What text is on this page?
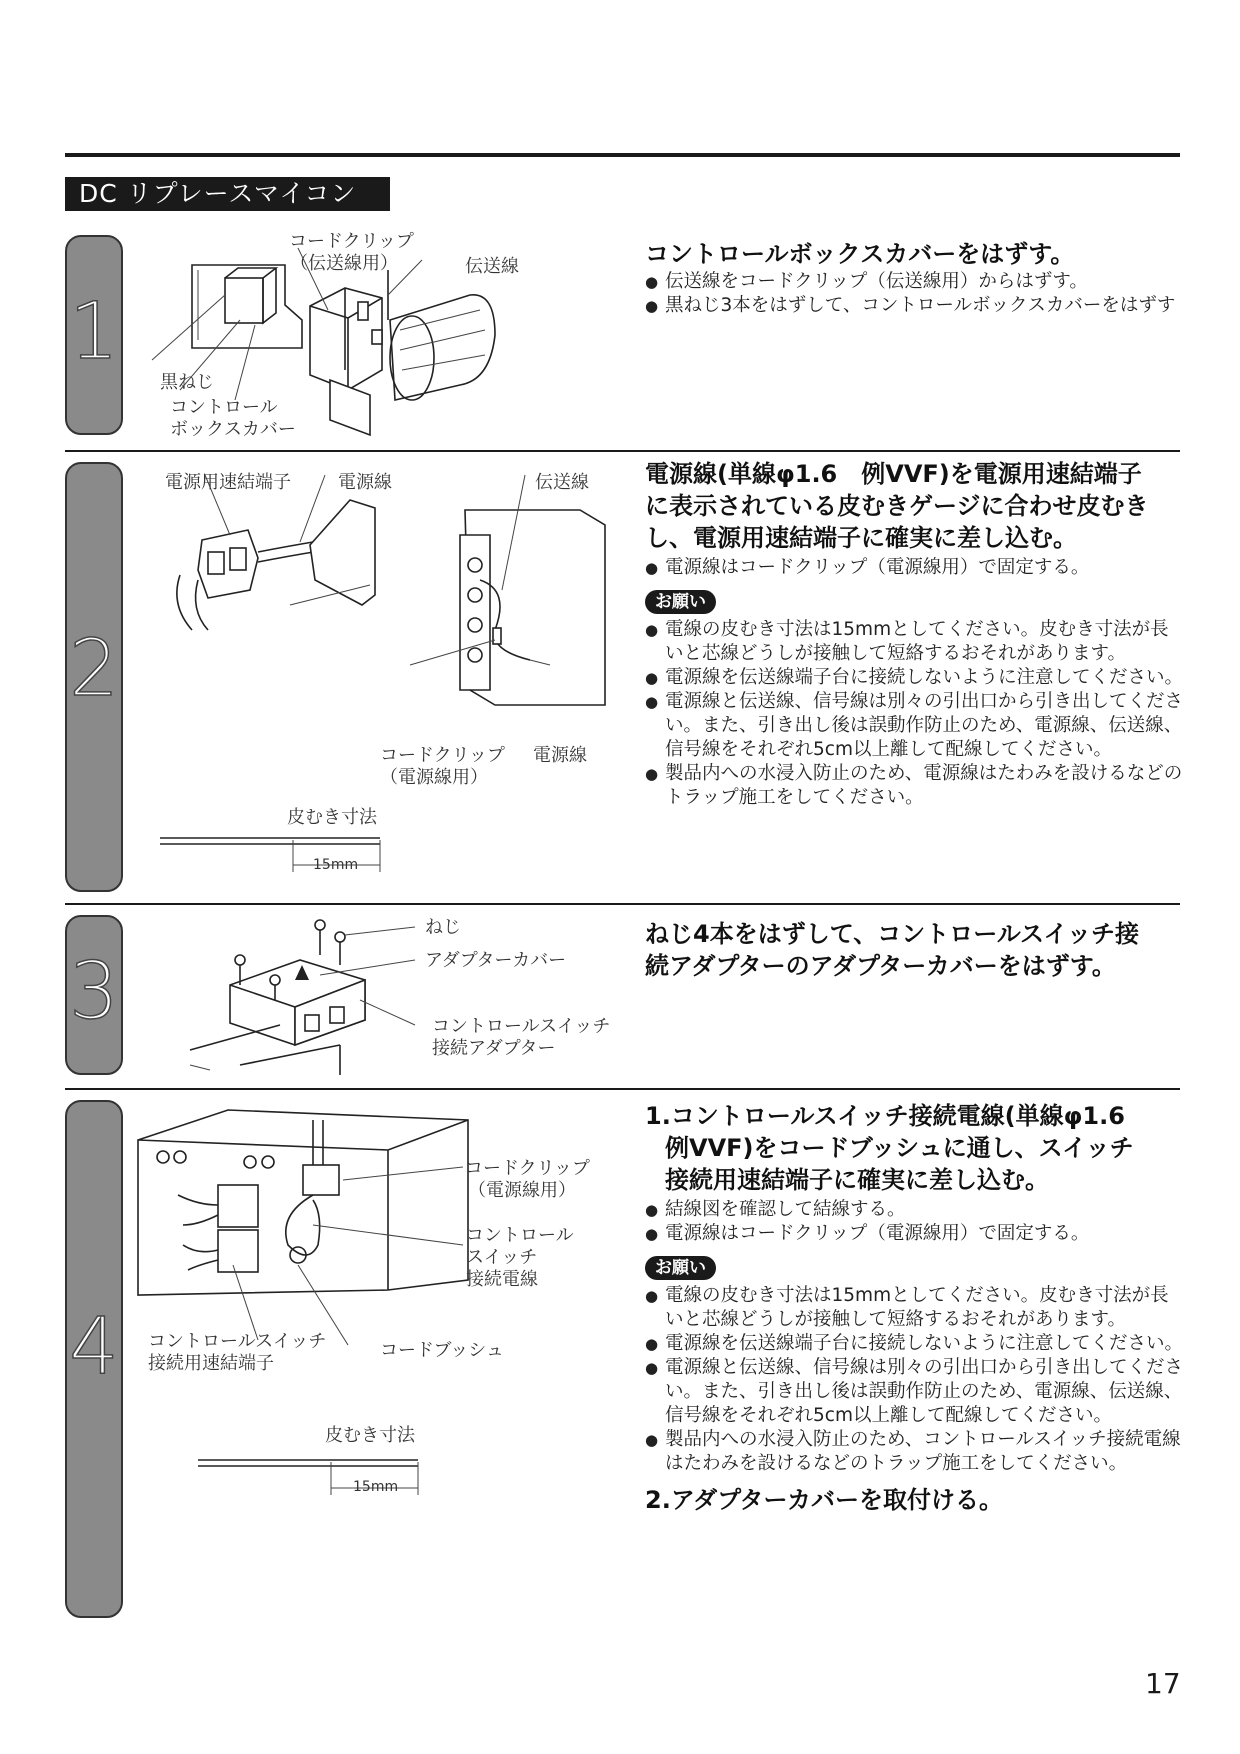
DC リプレースマイコン
1
2
3
4
コードクリップ
（伝送線用）	伝送線
黒ねじ
コントロール
ボックスカバー
コントロールボックスカバーをはずす。
● 伝送線をコードクリップ（伝送線用）からはずす。
● 黒ねじ3本をはずして、コントロールボックスカバーをはずす
電源用速結端子	電源線	伝送線
コードクリップ
（電源線用）
電源線
皮むき寸法
15mm
電源線(単線φ1.6　例VVF)を電源用速結端子
に表示されている皮むきゲージに合わせ皮むき
し、電源用速結端子に確実に差し込む。
● 電源線はコードクリップ（電源線用）で固定する。
お願い
● 電線の皮むき寸法は15mmとしてください。皮むき寸法が長いと芯線どうしが接触して短絡するおそれがあります。
● 電源線を伝送線端子台に接続しないように注意してください。
● 電源線と伝送線、信号線は別々の引出口から引き出してください。また、引き出し後は誤動作防止のため、電源線、伝送線、信号線をそれぞれ5cm以上離して配線してください。
● 製品内への水浸入防止のため、電源線はたわみを設けるなどのトラップ施工をしてください。
ねじ
アダプターカバー
コントロールスイッチ
接続アダプター
ねじ4本をはずして、コントロールスイッチ接
続アダプターのアダプターカバーをはずす。
コードクリップ
（電源線用）
コントロール
スイッチ
接続電線
コントロールスイッチ
接続用速結端子
コードブッシュ
皮むき寸法
15mm
1.コントロールスイッチ接続電線(単線φ1.6
例VVF)をコードブッシュに通し、スイッチ
接続用速結端子に確実に差し込む。
● 結線図を確認して結線する。
● 電源線はコードクリップ（電源線用）で固定する。
お願い
● 電線の皮むき寸法は15mmとしてください。皮むき寸法が長いと芯線どうしが接触して短絡するおそれがあります。
● 電源線を伝送線端子台に接続しないように注意してください。
● 電源線と伝送線、信号線は別々の引出口から引き出してください。また、引き出し後は誤動作防止のため、電源線、伝送線、信号線をそれぞれ5cm以上離して配線してください。
● 製品内への水浸入防止のため、コントロールスイッチ接続電線はたわみを設けるなどのトラップ施工をしてください。
2.アダプターカバーを取付ける。
17
